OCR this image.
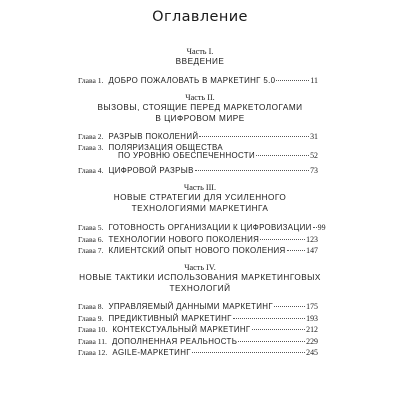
Оглавление
Часть I.
ВВЕДЕНИЕ
Глава 1.
ДОБРО ПОЖАЛОВАТЬ В МАРКЕТИНГ 5.0	11
Часть II.
ВЫЗОВЫ, СТОЯЩИЕ ПЕРЕД МАРКЕТОЛОГАМИ
В ЦИФРОВОМ МИРЕ
Глава 2.
РАЗРЫВ ПОКОЛЕНИЙ	31
Глава 3.
ПОЛЯРИЗАЦИЯ ОБЩЕСТВА
ПО УРОВНЮ ОБЕСПЕЧЕННОСТИ	52
Глава 4.
ЦИФРОВОЙ РАЗРЫВ	73
Часть III.
НОВЫЕ СТРАТЕГИИ ДЛЯ УСИЛЕННОГО
ТЕХНОЛОГИЯМИ МАРКЕТИНГА
Глава 5.
ГОТОВНОСТЬ ОРГАНИЗАЦИИ К ЦИФРОВИЗАЦИИ 99
Глава 6.
ТЕХНОЛОГИИ НОВОГО ПОКОЛЕНИЯ	123
Глава 7.
КЛИЕНТСКИЙ ОПЫТ НОВОГО ПОКОЛЕНИЯ	147
Часть IV.
НОВЫЕ ТАКТИКИ ИСПОЛЬЗОВАНИЯ МАРКЕТИНГОВЫХ
ТЕХНОЛОГИЙ
Глава 8.
УПРАВЛЯЕМЫЙ ДАННЫМИ МАРКЕТИНГ	175
Глава 9.
ПРЕДИКТИВНЫЙ МАРКЕТИНГ	193
Глава 10.
КОНТЕКСТУАЛЬНЫЙ МАРКЕТИНГ	212
Глава 11.
ДОПОЛНЕННАЯ РЕАЛЬНОСТЬ	229
Глава 12.
AGILE-МАРКЕТИНГ	245
